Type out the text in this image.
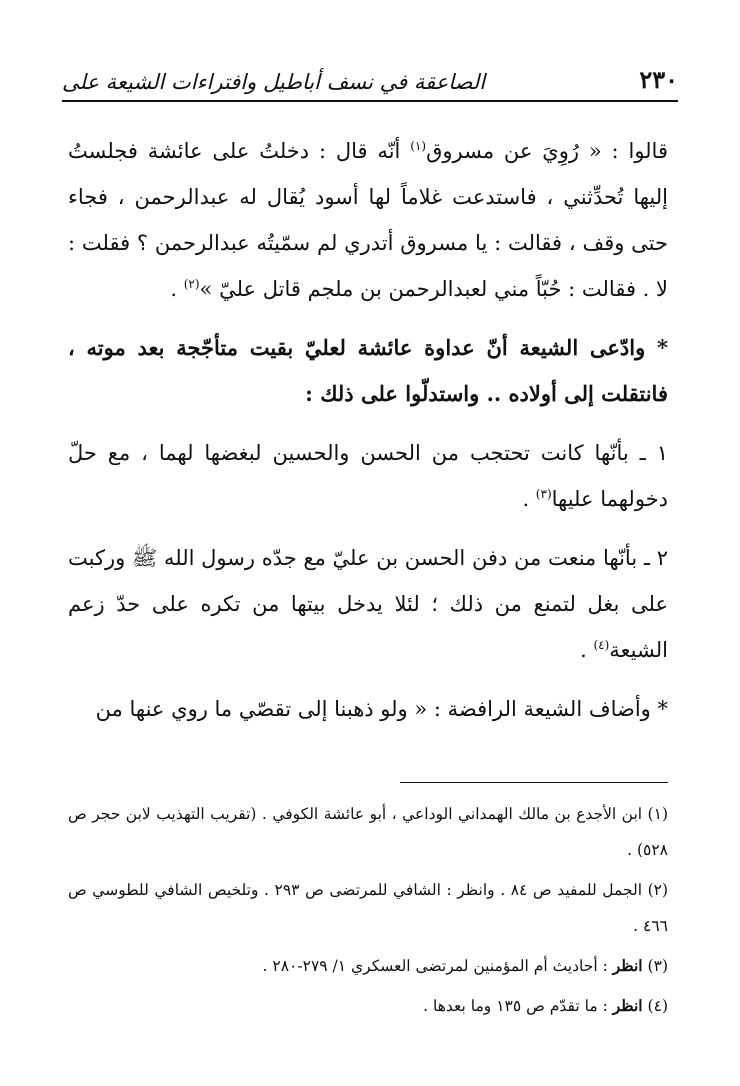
٢٣٠
الصاعقة في نسف أباطيل وافتراءات الشيعة على

قالوا : « رُوِيَ عن مسروق$^{(١)}$ أنّه قال : دخلتُ على عائشة فجلستُ إليها تُحدِّثني ، فاستدعت غلاماً لها أسود يُقال له عبدالرحمن ، فجاء حتى وقف ، فقالت : يا مسروق أتدري لم سمّيتُه عبدالرحمن ؟ فقلت : لا . فقالت : حُبّاً مني لعبدالرحمن بن ملجم قاتل عليّ »$^{(٢)}$ .

* وادّعى الشيعة أنّ عداوة عائشة لعليّ بقيت متأجّجة بعد موته ، فانتقلت إلى أولاده .. واستدلّوا على ذلك :

١ ـ بأنّها كانت تحتجب من الحسن والحسين لبغضها لهما ، مع حلّ دخولهما عليها$^{(٣)}$ .

٢ ـ بأنّها منعت من دفن الحسن بن عليّ مع جدّه رسول الله ﷺ وركبت على بغل لتمنع من ذلك ؛ لئلا يدخل بيتها من تكره على حدّ زعم الشيعة$^{(٤)}$ .

* وأضاف الشيعة الرافضة : « ولو ذهبنا إلى تقصّي ما روي عنها من

(١) ابن الأجدع بن مالك الهمداني الوداعي ، أبو عائشة الكوفي . (تقريب التهذيب لابن حجر ص ٥٢٨) .

(٢) الجمل للمفيد ص ٨٤ . وانظر : الشافي للمرتضى ص ٢٩٣ . وتلخيص الشافي للطوسي ص ٤٦٦ .

(٣) انظر : أحاديث أم المؤمنين لمرتضى العسكري ١/ ٢٧٩-٢٨٠ .

(٤) انظر : ما تقدّم ص ١٣٥ وما بعدها .
